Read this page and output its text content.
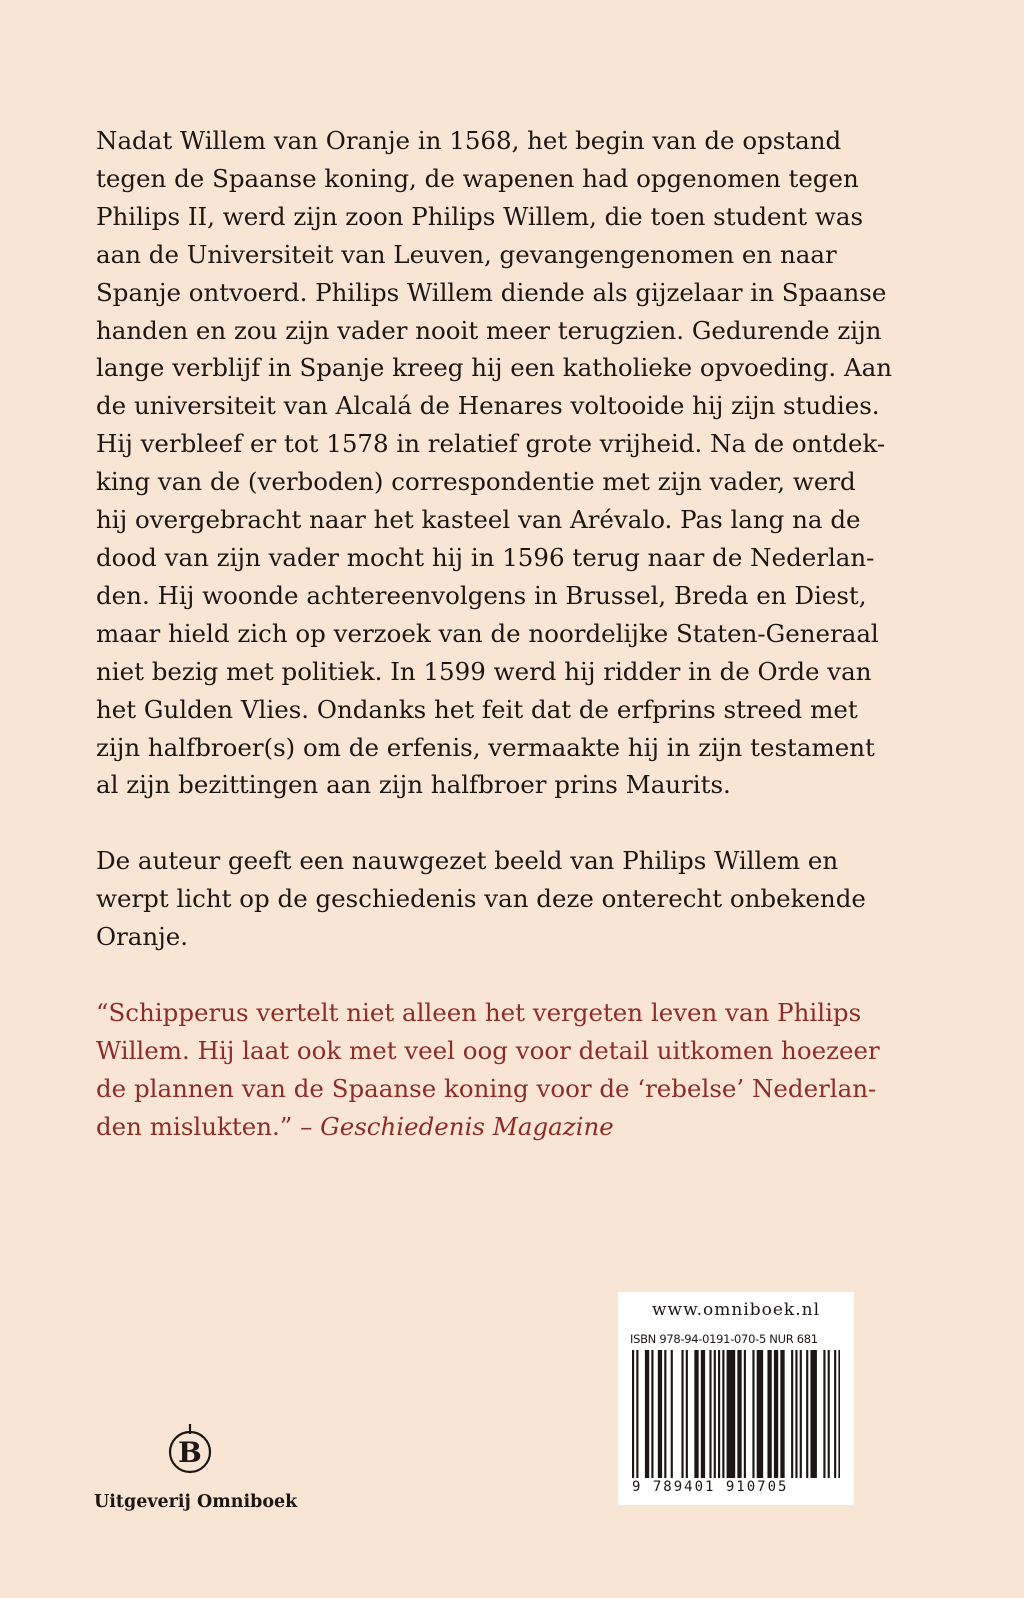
Nadat Willem van Oranje in 1568, het begin van de opstand
tegen de Spaanse koning, de wapenen had opgenomen tegen
Philips II, werd zijn zoon Philips Willem, die toen student was
aan de Universiteit van Leuven, gevangengenomen en naar
Spanje ontvoerd. Philips Willem diende als gijzelaar in Spaanse
handen en zou zijn vader nooit meer terugzien. Gedurende zijn
lange verblijf in Spanje kreeg hij een katholieke opvoeding. Aan
de universiteit van Alcalá de Henares voltooide hij zijn studies.
Hij verbleef er tot 1578 in relatief grote vrijheid. Na de ontdek-
king van de (verboden) correspondentie met zijn vader, werd
hij overgebracht naar het kasteel van Arévalo. Pas lang na de
dood van zijn vader mocht hij in 1596 terug naar de Nederlan-
den. Hij woonde achtereenvolgens in Brussel, Breda en Diest,
maar hield zich op verzoek van de noordelijke Staten-Generaal
niet bezig met politiek. In 1599 werd hij ridder in de Orde van
het Gulden Vlies. Ondanks het feit dat de erfprins streed met
zijn halfbroer(s) om de erfenis, vermaakte hij in zijn testament
al zijn bezittingen aan zijn halfbroer prins Maurits.

De auteur geeft een nauwgezet beeld van Philips Willem en
werpt licht op de geschiedenis van deze onterecht onbekende
Oranje.

“Schipperus vertelt niet alleen het vergeten leven van Philips
Willem. Hij laat ook met veel oog voor detail uitkomen hoezeer
de plannen van de Spaanse koning voor de ‘rebelse’ Nederlan-
den mislukten.” – Geschiedenis Magazine

www.omniboek.nl
ISBN 978-94-0191-070-5 NUR 681
9 789401 910705
B
Uitgeverij Omniboek
